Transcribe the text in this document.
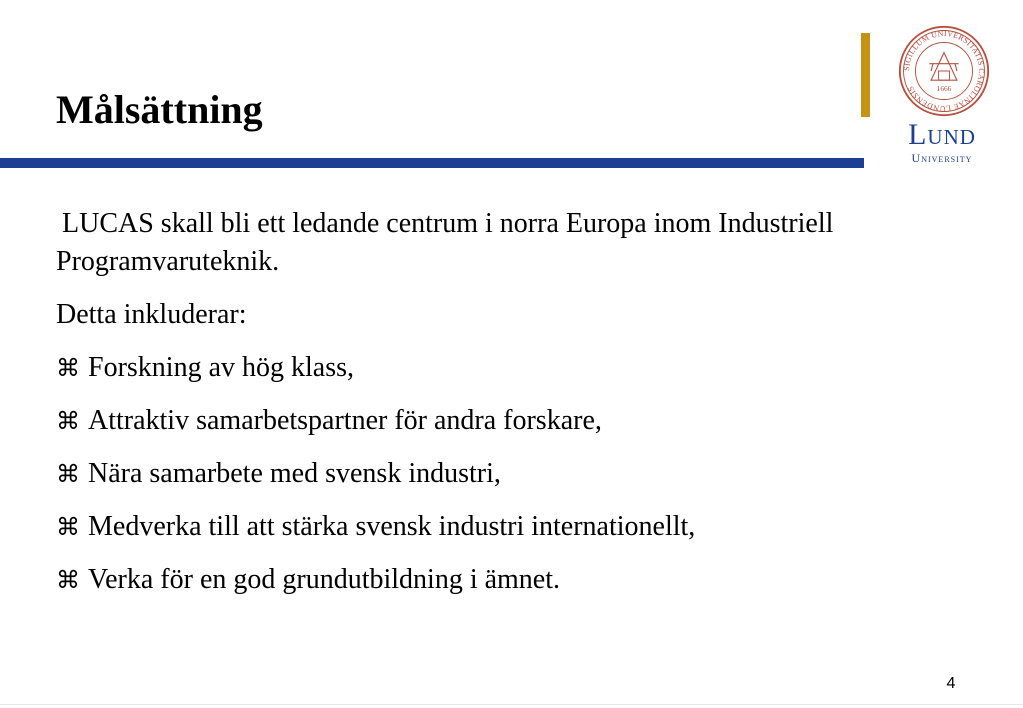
Målsättning
SIGILLUM UNIVERSITATIS CAROLINAE LUNDENSIS	1666
Lund
University

LUCAS skall bli ett ledande centrum i norra Europa inom Industriell Programvaruteknik.

Detta inkluderar:

⌘ Forskning av hög klass,
⌘ Attraktiv samarbetspartner för andra forskare,
⌘ Nära samarbete med svensk industri,
⌘ Medverka till att stärka svensk industri internationellt,
⌘ Verka för en god grundutbildning i ämnet.
4
